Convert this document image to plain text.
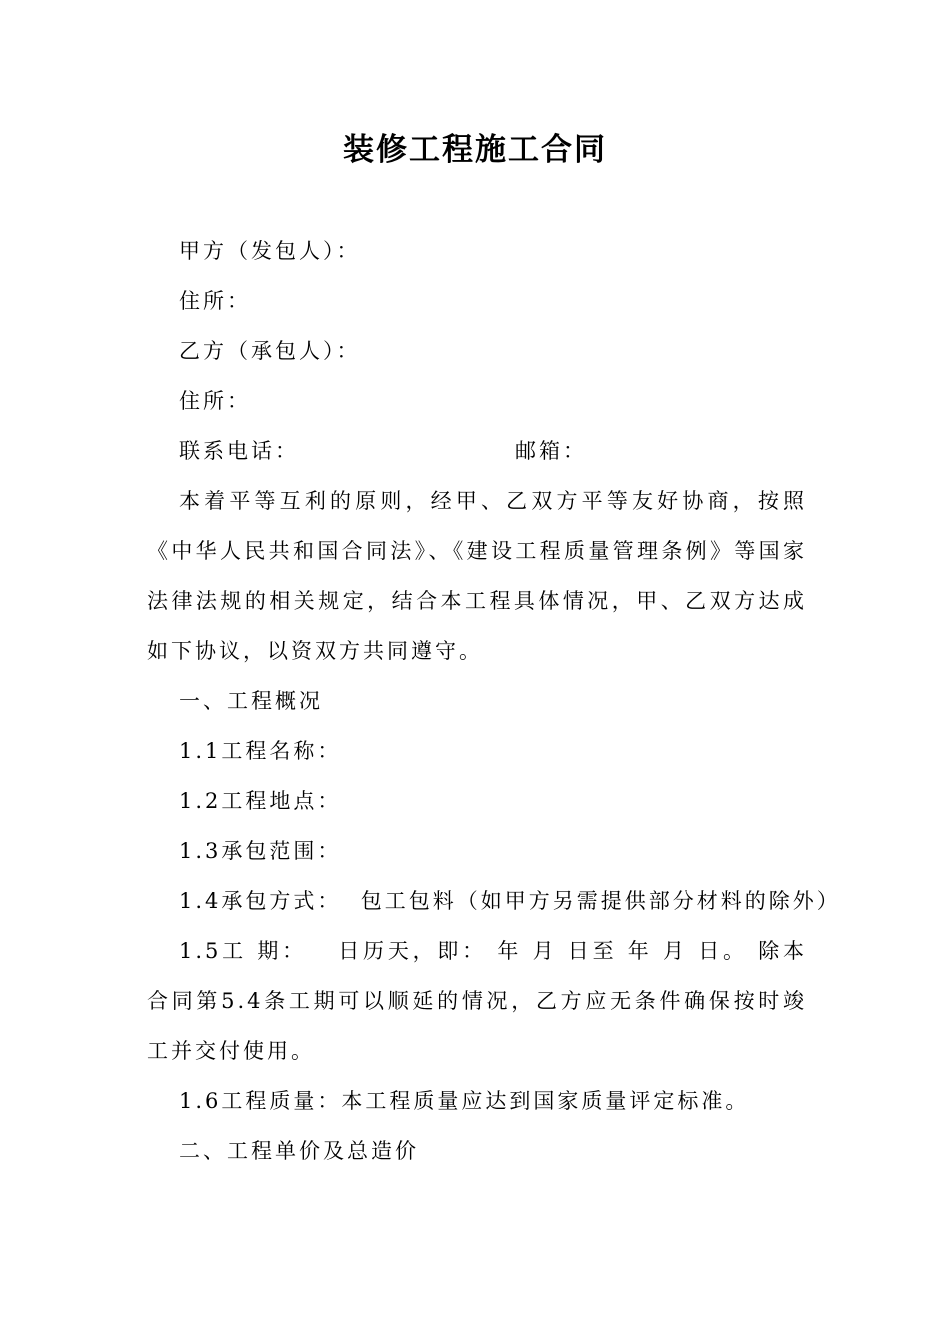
装修工程施工合同
甲方（发包人）：
住所：
乙方（承包人）：
住所：
联系电话：	邮箱：
本着平等互利的原则，经甲、乙双方平等友好协商，按照《中华人民共和国合同法》、《建设工程质量管理条例》等国家法律法规的相关规定，结合本工程具体情况，甲、乙双方达成如下协议，以资双方共同遵守。
一、工程概况
1.1工程名称：
1.2工程地点：
1.3承包范围：
1.4承包方式：  包工包料（如甲方另需提供部分材料的除外）
1.5工 期：   日历天，即： 年 月 日至 年 月 日。 除本合同第5.4条工期可以顺延的情况，乙方应无条件确保按时竣工并交付使用。
1.6工程质量：本工程质量应达到国家质量评定标准。
二、工程单价及总造价
